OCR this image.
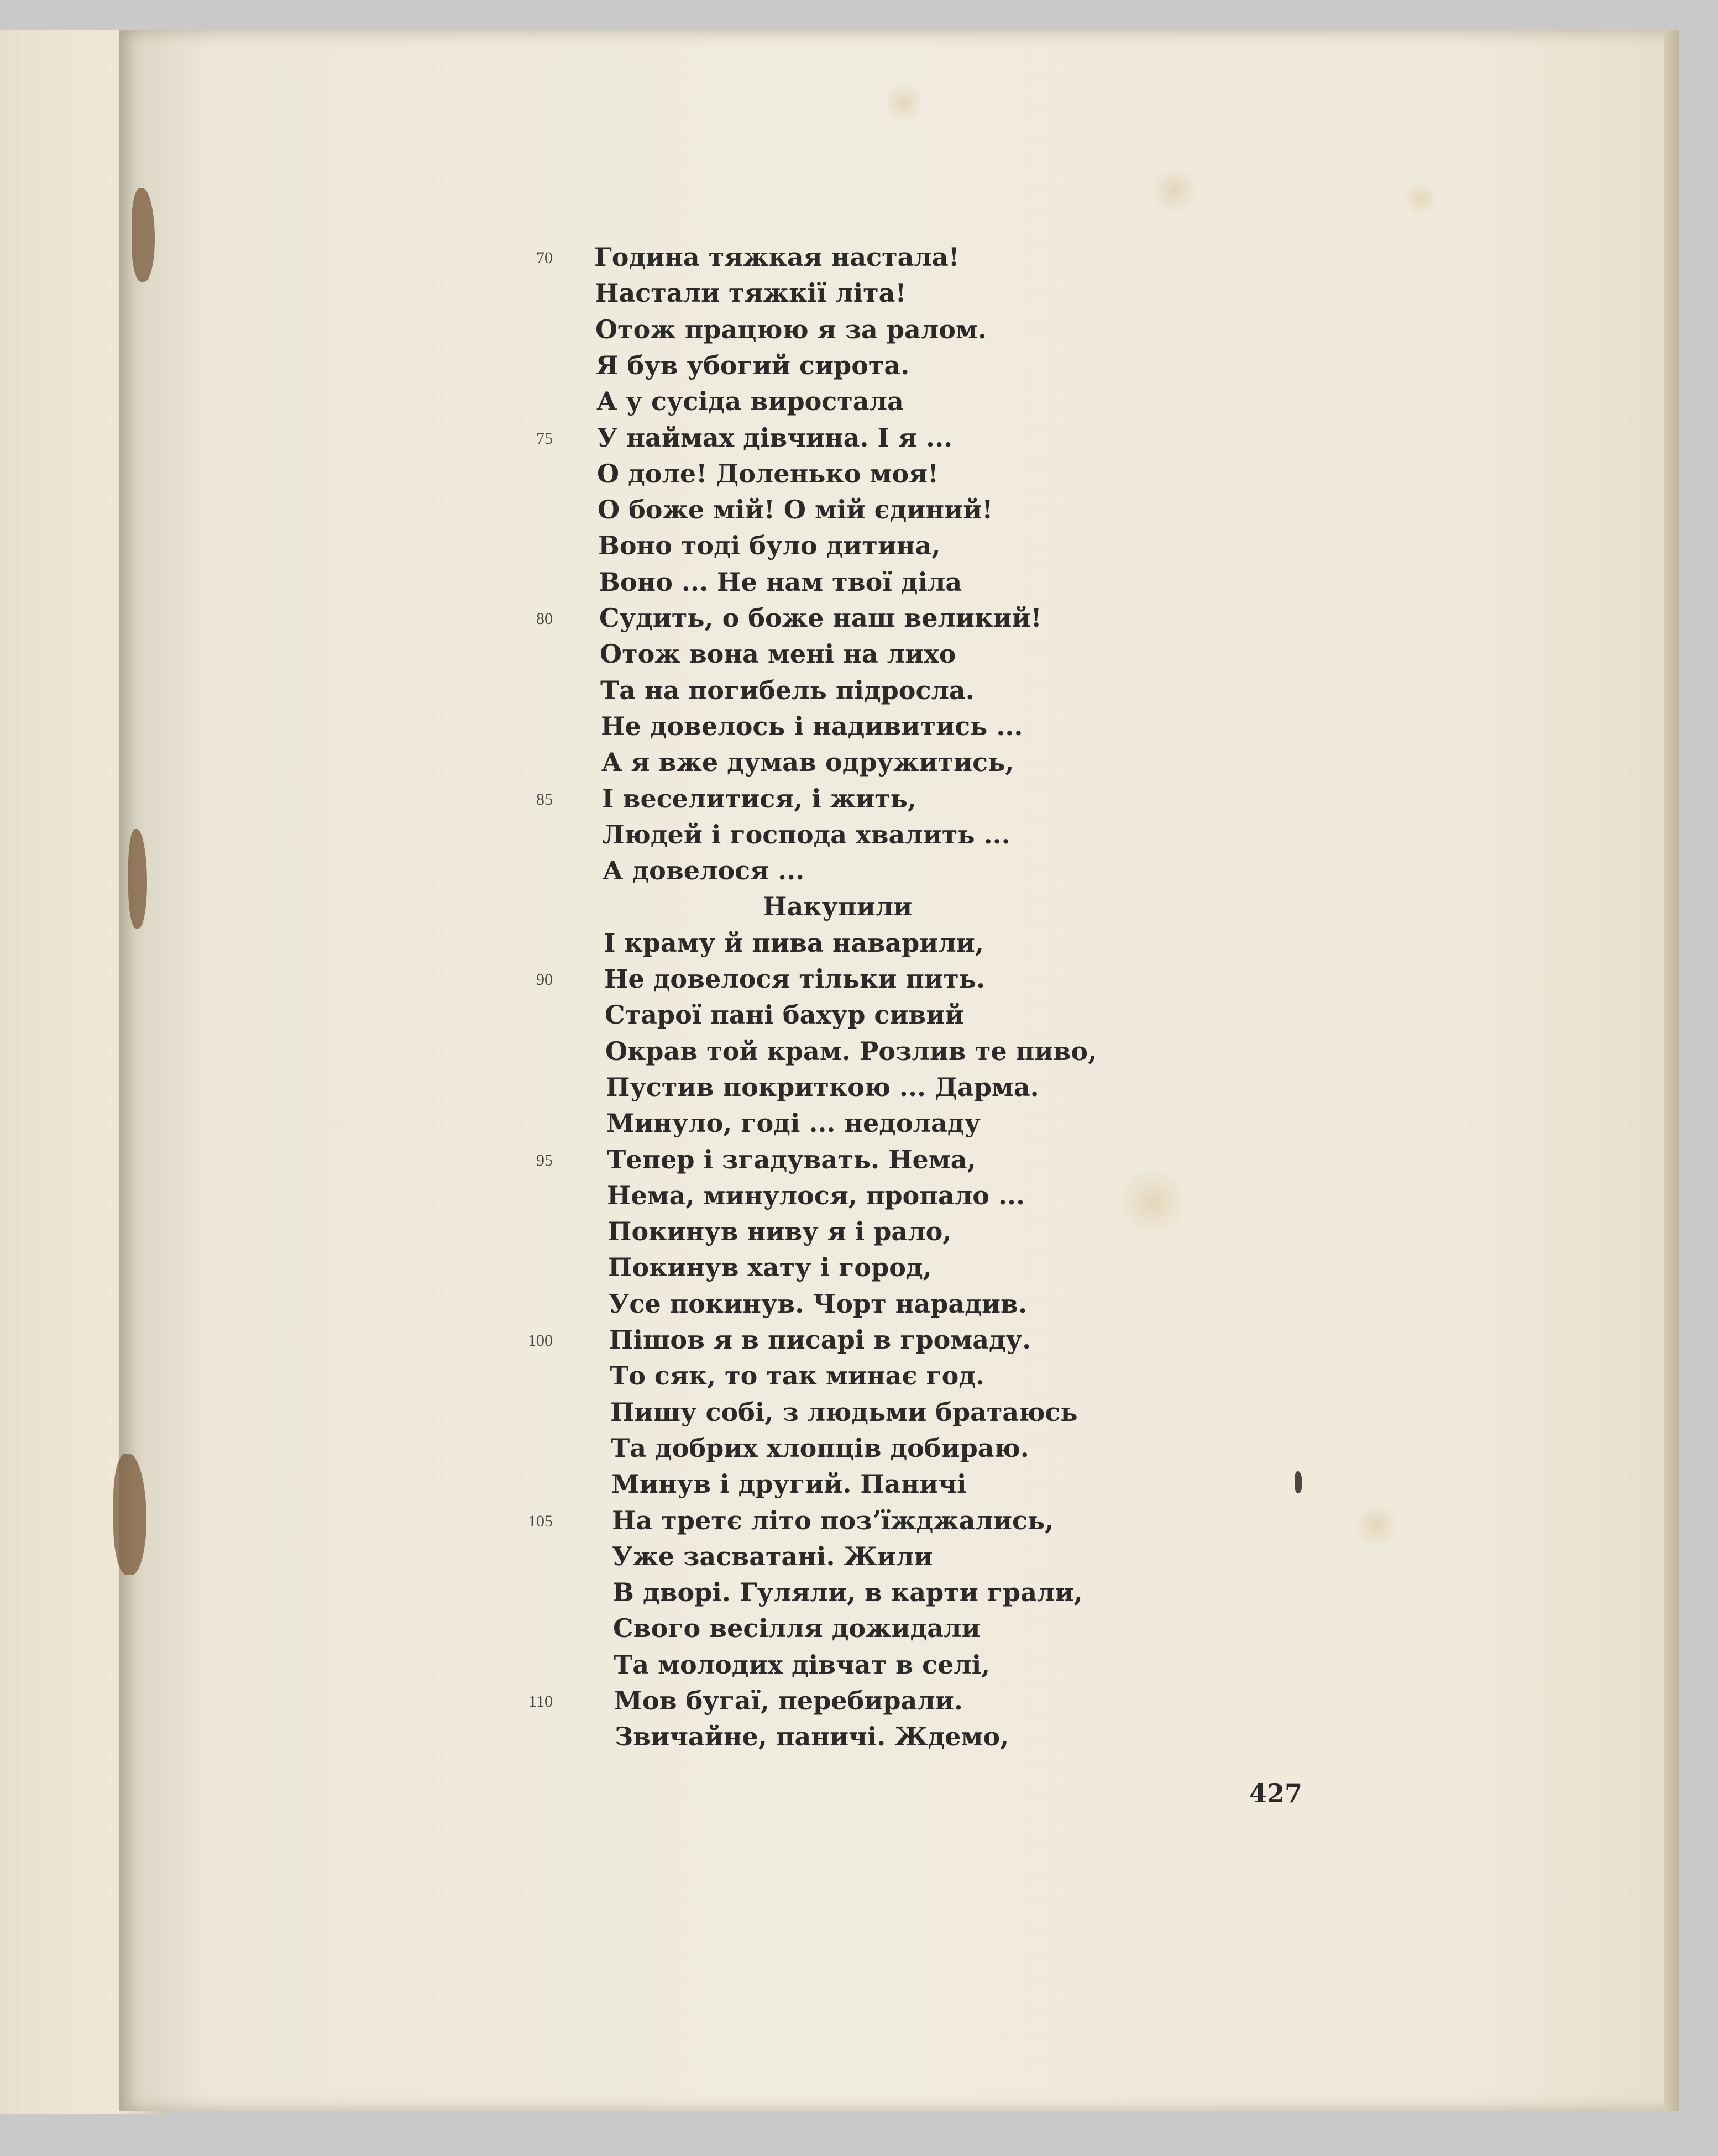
70 Година тяжкая настала!
Настали тяжкії літа!
Отож працюю я за ралом.
Я був убогий сирота.
А у сусіда виростала
75 У наймах дівчина. І я ...
О доле! Доленько моя!
О боже мій! О мій єдиний!
Воно тоді було дитина,
Воно ... Не нам твої діла
80 Судить, о боже наш великий!
Отож вона мені на лихо
Та на погибель підросла.
Не довелось і надивитись ...
А я вже думав одружитись,
85 І веселитися, і жить,
Людей і господа хвалить ...
А довелося ...
Накупили
І краму й пива наварили,
90 Не довелося тільки пить.
Старої пані бахур сивий
Окрав той крам. Розлив те пиво,
Пустив покриткою ... Дарма.
Минуло, годі ... недоладу
95 Тепер і згадувать. Нема,
Нема, минулося, пропало ...
Покинув ниву я і рало,
Покинув хату і город,
Усе покинув. Чорт нарадив.
100 Пішов я в писарі в громаду.
То сяк, то так минає год.
Пишу собі, з людьми братаюсь
Та добрих хлопців добираю.
Минув і другий. Паничі
105 На третє літо позʼїжджались,
Уже засватані. Жили
В дворі. Гуляли, в карти грали,
Свого весілля дожидали
Та молодих дівчат в селі,
110 Мов бугаї, перебирали.
Звичайне, паничі. Ждемо,
427
